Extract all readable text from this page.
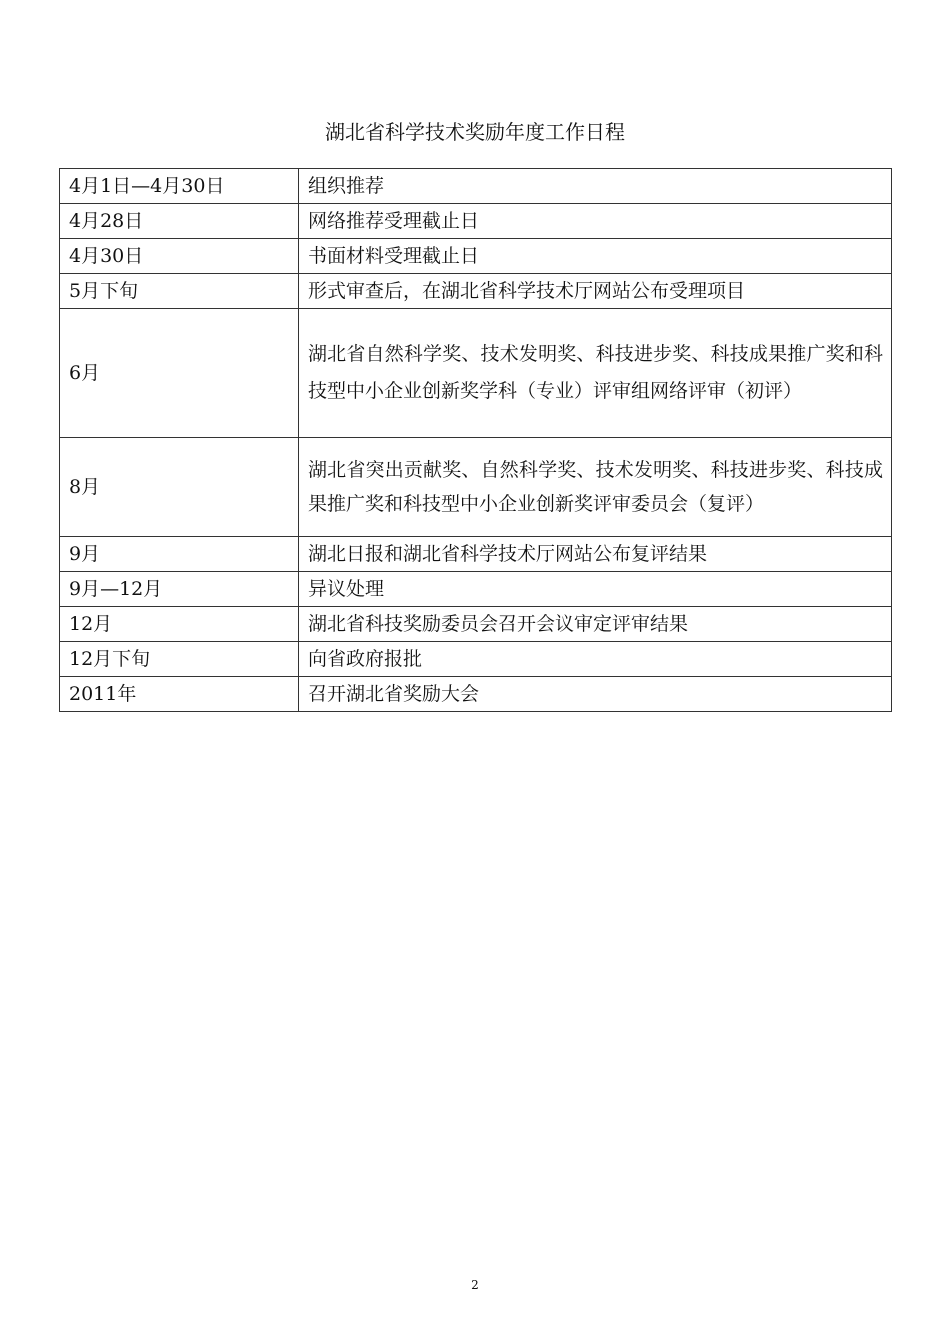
湖北省科学技术奖励年度工作日程
4月1日—4月30日	组织推荐
4月28日	网络推荐受理截止日
4月30日	书面材料受理截止日
5月下旬	形式审查后，在湖北省科学技术厅网站公布受理项目
6月	湖北省自然科学奖、技术发明奖、科技进步奖、科技成果推广奖和科技型中小企业创新奖学科（专业）评审组网络评审（初评）
8月	湖北省突出贡献奖、自然科学奖、技术发明奖、科技进步奖、科技成果推广奖和科技型中小企业创新奖评审委员会（复评）
9月	湖北日报和湖北省科学技术厅网站公布复评结果
9月—12月	异议处理
12月	湖北省科技奖励委员会召开会议审定评审结果
12月下旬	向省政府报批
2011年	召开湖北省奖励大会
2
